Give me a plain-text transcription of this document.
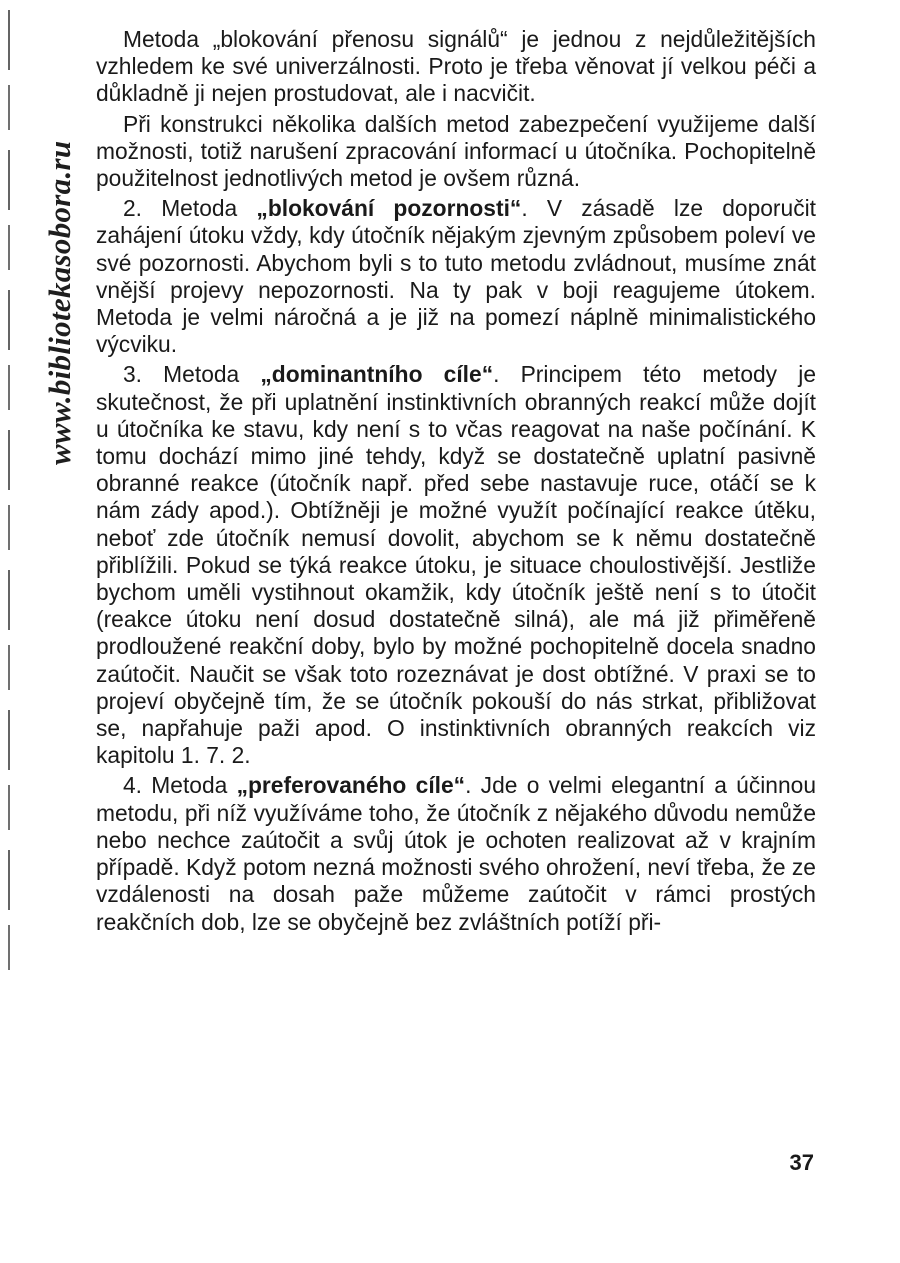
www.bibliotekasobora.ru

Metoda „blokování přenosu signálů“ je jednou z nejdůležitějších vzhledem ke své univerzálnosti. Proto je třeba věnovat jí velkou péči a důkladně ji nejen prostudovat, ale i nacvičit.

Při konstrukci několika dalších metod zabezpečení využijeme další možnosti, totiž narušení zpracování informací u útočníka. Pochopitelně použitelnost jednotlivých metod je ovšem různá.

2. Metoda „blokování pozornosti“. V zásadě lze doporučit zahájení útoku vždy, kdy útočník nějakým zjevným způsobem poleví ve své pozornosti. Abychom byli s to tuto metodu zvládnout, musíme znát vnější projevy nepozornosti. Na ty pak v boji reagujeme útokem. Metoda je velmi náročná a je již na pomezí náplně minimalistického výcviku.

3. Metoda „dominantního cíle“. Principem této metody je skutečnost, že při uplatnění instinktivních obranných reakcí může dojít u útočníka ke stavu, kdy není s to včas reagovat na naše počínání. K tomu dochází mimo jiné tehdy, když se dostatečně uplatní pasivně obranné reakce (útočník např. před sebe nastavuje ruce, otáčí se k nám zády apod.). Obtížněji je možné využít počínající reakce útěku, neboť zde útočník nemusí dovolit, abychom se k němu dostatečně přiblížili. Pokud se týká reakce útoku, je situace choulostivější. Jestliže bychom uměli vystihnout okamžik, kdy útočník ještě není s to útočit (reakce útoku není dosud dostatečně silná), ale má již přiměřeně prodloužené reakční doby, bylo by možné pochopitelně docela snadno zaútočit. Naučit se však toto rozeznávat je dost obtížné. V praxi se to projeví obyčejně tím, že se útočník pokouší do nás strkat, přibližovat se, napřahuje paži apod. O instinktivních obranných reakcích viz kapitolu 1. 7. 2.

4. Metoda „preferovaného cíle“. Jde o velmi elegantní a účinnou metodu, při níž využíváme toho, že útočník z nějakého důvodu nemůže nebo nechce zaútočit a svůj útok je ochoten realizovat až v krajním případě. Když potom nezná možnosti svého ohrožení, neví třeba, že ze vzdálenosti na dosah paže můžeme zaútočit v rámci prostých reakčních dob, lze se obyčejně bez zvláštních potíží při-

37
